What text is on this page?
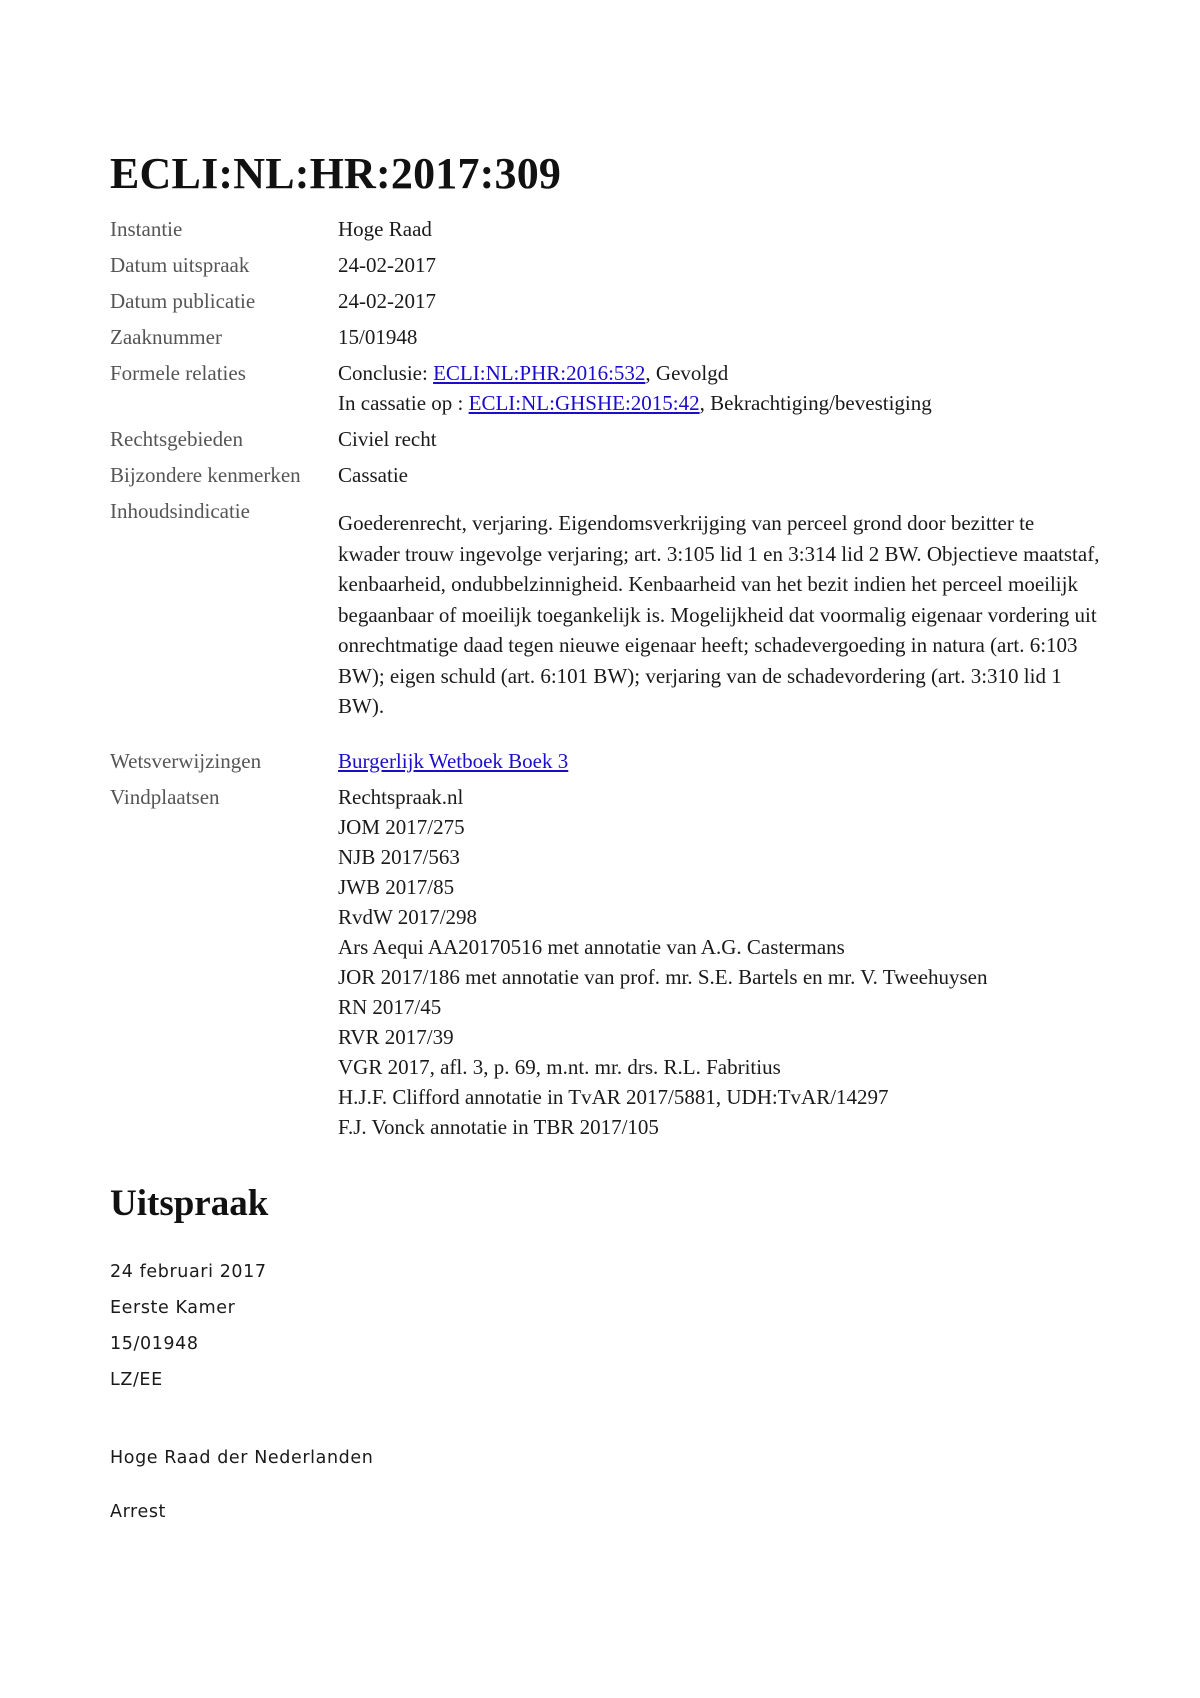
ECLI:NL:HR:2017:309
Instantie	Hoge Raad
Datum uitspraak	24-02-2017
Datum publicatie	24-02-2017
Zaaknummer	15/01948
Formele relaties	Conclusie: ECLI:NL:PHR:2016:532, Gevolgd
In cassatie op : ECLI:NL:GHSHE:2015:42, Bekrachtiging/bevestiging
Rechtsgebieden	Civiel recht
Bijzondere kenmerken	Cassatie
Inhoudsindicatie	Goederenrecht, verjaring. Eigendomsverkrijging van perceel grond door bezitter te kwader trouw ingevolge verjaring; art. 3:105 lid 1 en 3:314 lid 2 BW. Objectieve maatstaf, kenbaarheid, ondubbelzinnigheid. Kenbaarheid van het bezit indien het perceel moeilijk begaanbaar of moeilijk toegankelijk is. Mogelijkheid dat voormalig eigenaar vordering uit onrechtmatige daad tegen nieuwe eigenaar heeft; schadevergoeding in natura (art. 6:103 BW); eigen schuld (art. 6:101 BW); verjaring van de schadevordering (art. 3:310 lid 1 BW).
Wetsverwijzingen	Burgerlijk Wetboek Boek 3
Vindplaatsen	Rechtspraak.nl
JOM 2017/275
NJB 2017/563
JWB 2017/85
RvdW 2017/298
Ars Aequi AA20170516 met annotatie van A.G. Castermans
JOR 2017/186 met annotatie van prof. mr. S.E. Bartels en mr. V. Tweehuysen
RN 2017/45
RVR 2017/39
VGR 2017, afl. 3, p. 69, m.nt. mr. drs. R.L. Fabritius
H.J.F. Clifford annotatie in TvAR 2017/5881, UDH:TvAR/14297
F.J. Vonck annotatie in TBR 2017/105
Uitspraak
24 februari 2017
Eerste Kamer
15/01948
LZ/EE
Hoge Raad der Nederlanden
Arrest
